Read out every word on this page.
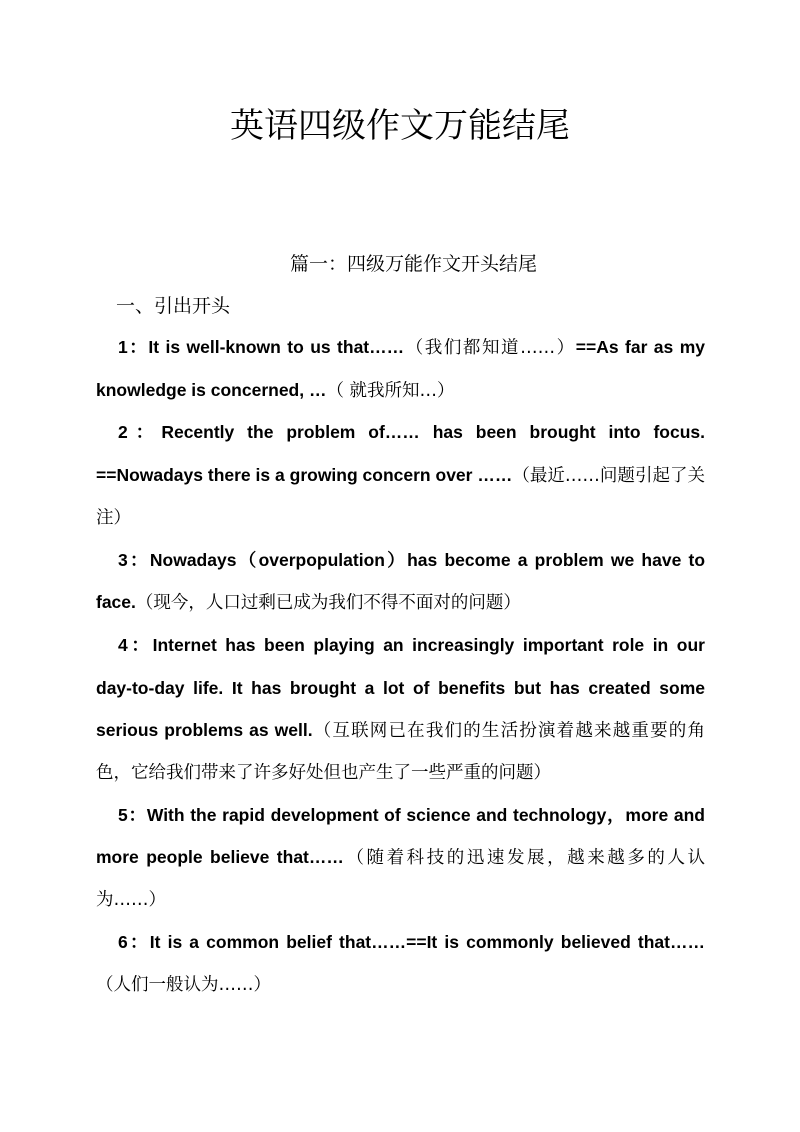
英语四级作文万能结尾
篇一：四级万能作文开头结尾
一、引出开头

1：It is well-known to us that……（我们都知道……）==As far as my knowledge is concerned, …（ 就我所知…）

2：Recently the problem of…… has been brought into focus. ==Nowadays there is a growing concern over ……（最近……问题引起了关注）

3：Nowadays（overpopulation）has become a problem we have to face.（现今，人口过剩已成为我们不得不面对的问题）

4：Internet has been playing an increasingly important role in our day-to-day life. It has brought a lot of benefits but has created some serious problems as well.（互联网已在我们的生活扮演着越来越重要的角色，它给我们带来了许多好处但也产生了一些严重的问题）

5：With the rapid development of science and technology，more and more people believe that……（随着科技的迅速发展，越来越多的人认为……）

6：It is a common belief that……==It is commonly believed that……（人们一般认为……）
